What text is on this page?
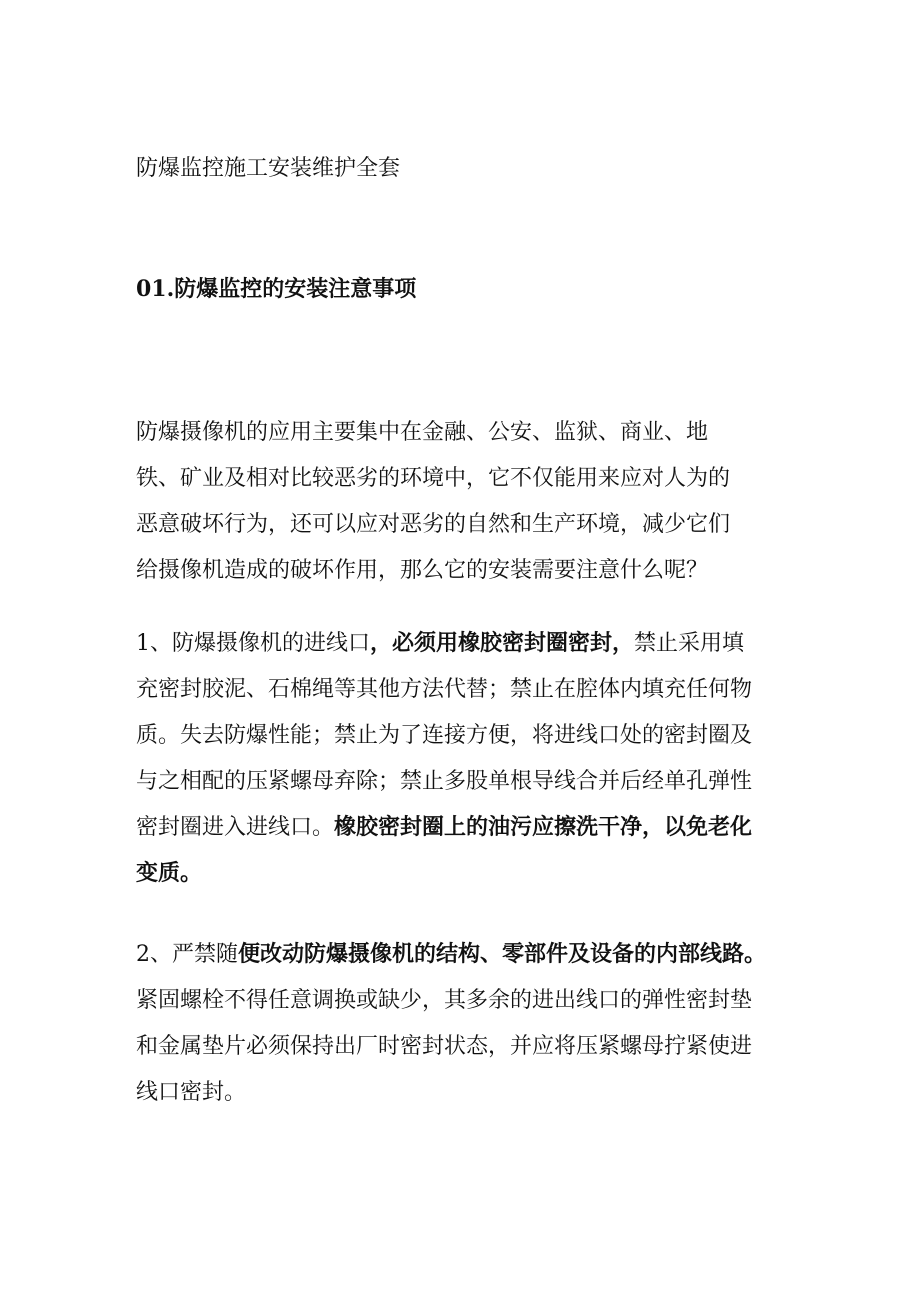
防爆监控施工安装维护全套
01.防爆监控的安装注意事项
防爆摄像机的应用主要集中在金融、公安、监狱、商业、地
铁、矿业及相对比较恶劣的环境中，它不仅能用来应对人为的
恶意破坏行为，还可以应对恶劣的自然和生产环境，减少它们
给摄像机造成的破坏作用，那么它的安装需要注意什么呢？
1、防爆摄像机的进线口，必须用橡胶密封圈密封，禁止采用填
充密封胶泥、石棉绳等其他方法代替；禁止在腔体内填充任何物
质。失去防爆性能；禁止为了连接方便，将进线口处的密封圈及
与之相配的压紧螺母弃除；禁止多股单根导线合并后经单孔弹性
密封圈进入进线口。橡胶密封圈上的油污应擦洗干净，以免老化
变质。
2、严禁随便改动防爆摄像机的结构、零部件及设备的内部线路。
紧固螺栓不得任意调换或缺少，其多余的进出线口的弹性密封垫
和金属垫片必须保持出厂时密封状态，并应将压紧螺母拧紧使进
线口密封。
